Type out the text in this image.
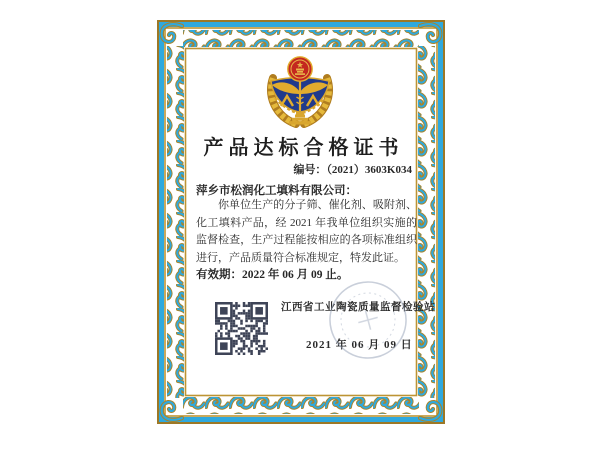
产品达标合格证书
编号：（2021）3603K034
萍乡市松润化工填料有限公司：

你单位生产的分子筛、催化剂、吸附剂、化工填料产品，经 2021 年我单位组织实施的监督检查，生产过程能按相应的各项标准组织进行，产品质量符合标准规定，特发此证。

有效期：2022 年 06 月 09 止。
江西省工业陶瓷质量监督检验站
2021 年 06 月 09 日
